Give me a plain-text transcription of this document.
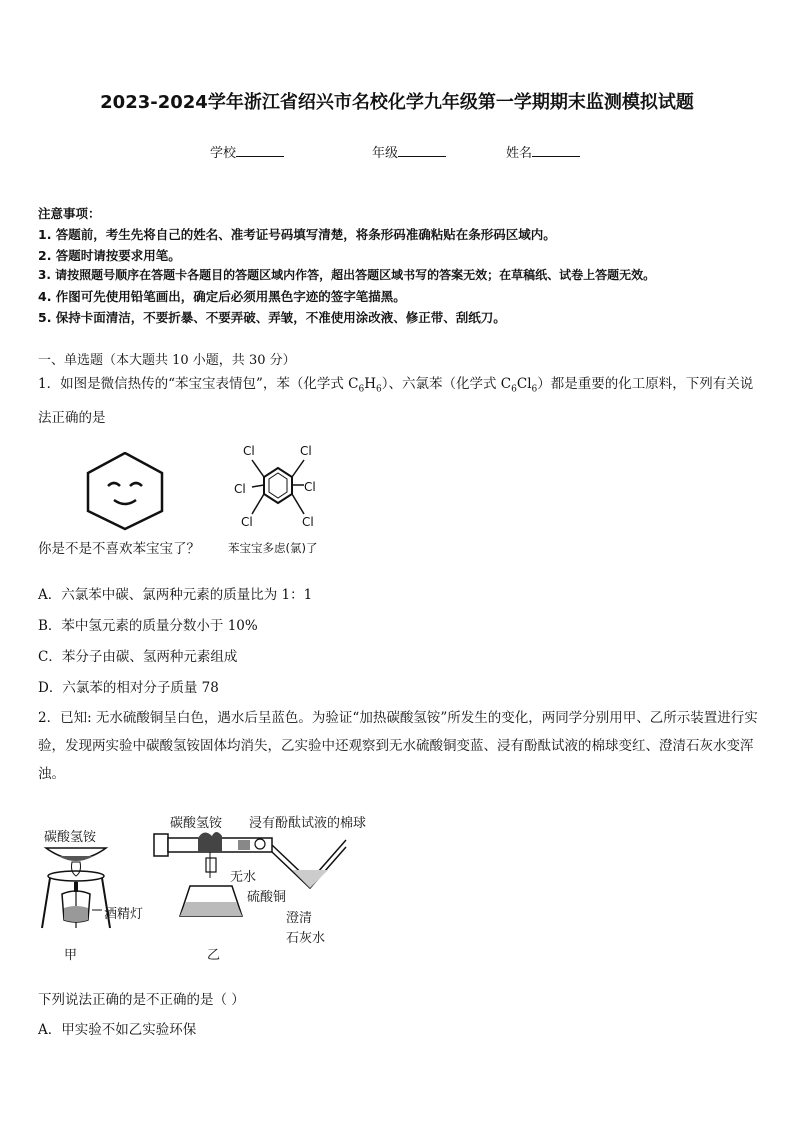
2023-2024学年浙江省绍兴市名校化学九年级第一学期期末监测模拟试题
学校	年级	姓名
注意事项：
1. 答题前，考生先将自己的姓名、准考证号码填写清楚，将条形码准确粘贴在条形码区域内。
2. 答题时请按要求用笔。
3. 请按照题号顺序在答题卡各题目的答题区域内作答，超出答题区域书写的答案无效；在草稿纸、试卷上答题无效。
4. 作图可先使用铅笔画出，确定后必须用黑色字迹的签字笔描黑。
5. 保持卡面清洁，不要折暴、不要弄破、弄皱，不准使用涂改液、修正带、刮纸刀。
一、单选题（本大题共 10 小题，共 30 分）
1．如图是微信热传的“苯宝宝表情包”，苯（化学式 $C_6H_6$）、六氯苯（化学式 $C_6Cl_6$）都是重要的化工原料，下列有关说法正确的是
Cl	Cl
Cl	Cl
Cl	Cl
你是不是不喜欢苯宝宝了？ 苯宝宝多虑(氯)了
A．六氯苯中碳、氯两种元素的质量比为 1：1
B．苯中氢元素的质量分数小于 10%
C．苯分子由碳、氢两种元素组成
D．六氯苯的相对分子质量 78
2．已知: 无水硫酸铜呈白色，遇水后呈蓝色。为验证“加热碳酸氢铵”所发生的变化，两同学分别用甲、乙所示装置进行实验，发现两实验中碳酸氢铵固体均消失，乙实验中还观察到无水硫酸铜变蓝、浸有酚酞试液的棉球变红、澄清石灰水变浑浊。
碳酸氢铵
酒精灯
甲
碳酸氢铵 浸有酚酞试液的棉球
无水
硫酸铜
澄清
石灰水
乙
下列说法正确的是不正确的是（ ）
A．甲实验不如乙实验环保
